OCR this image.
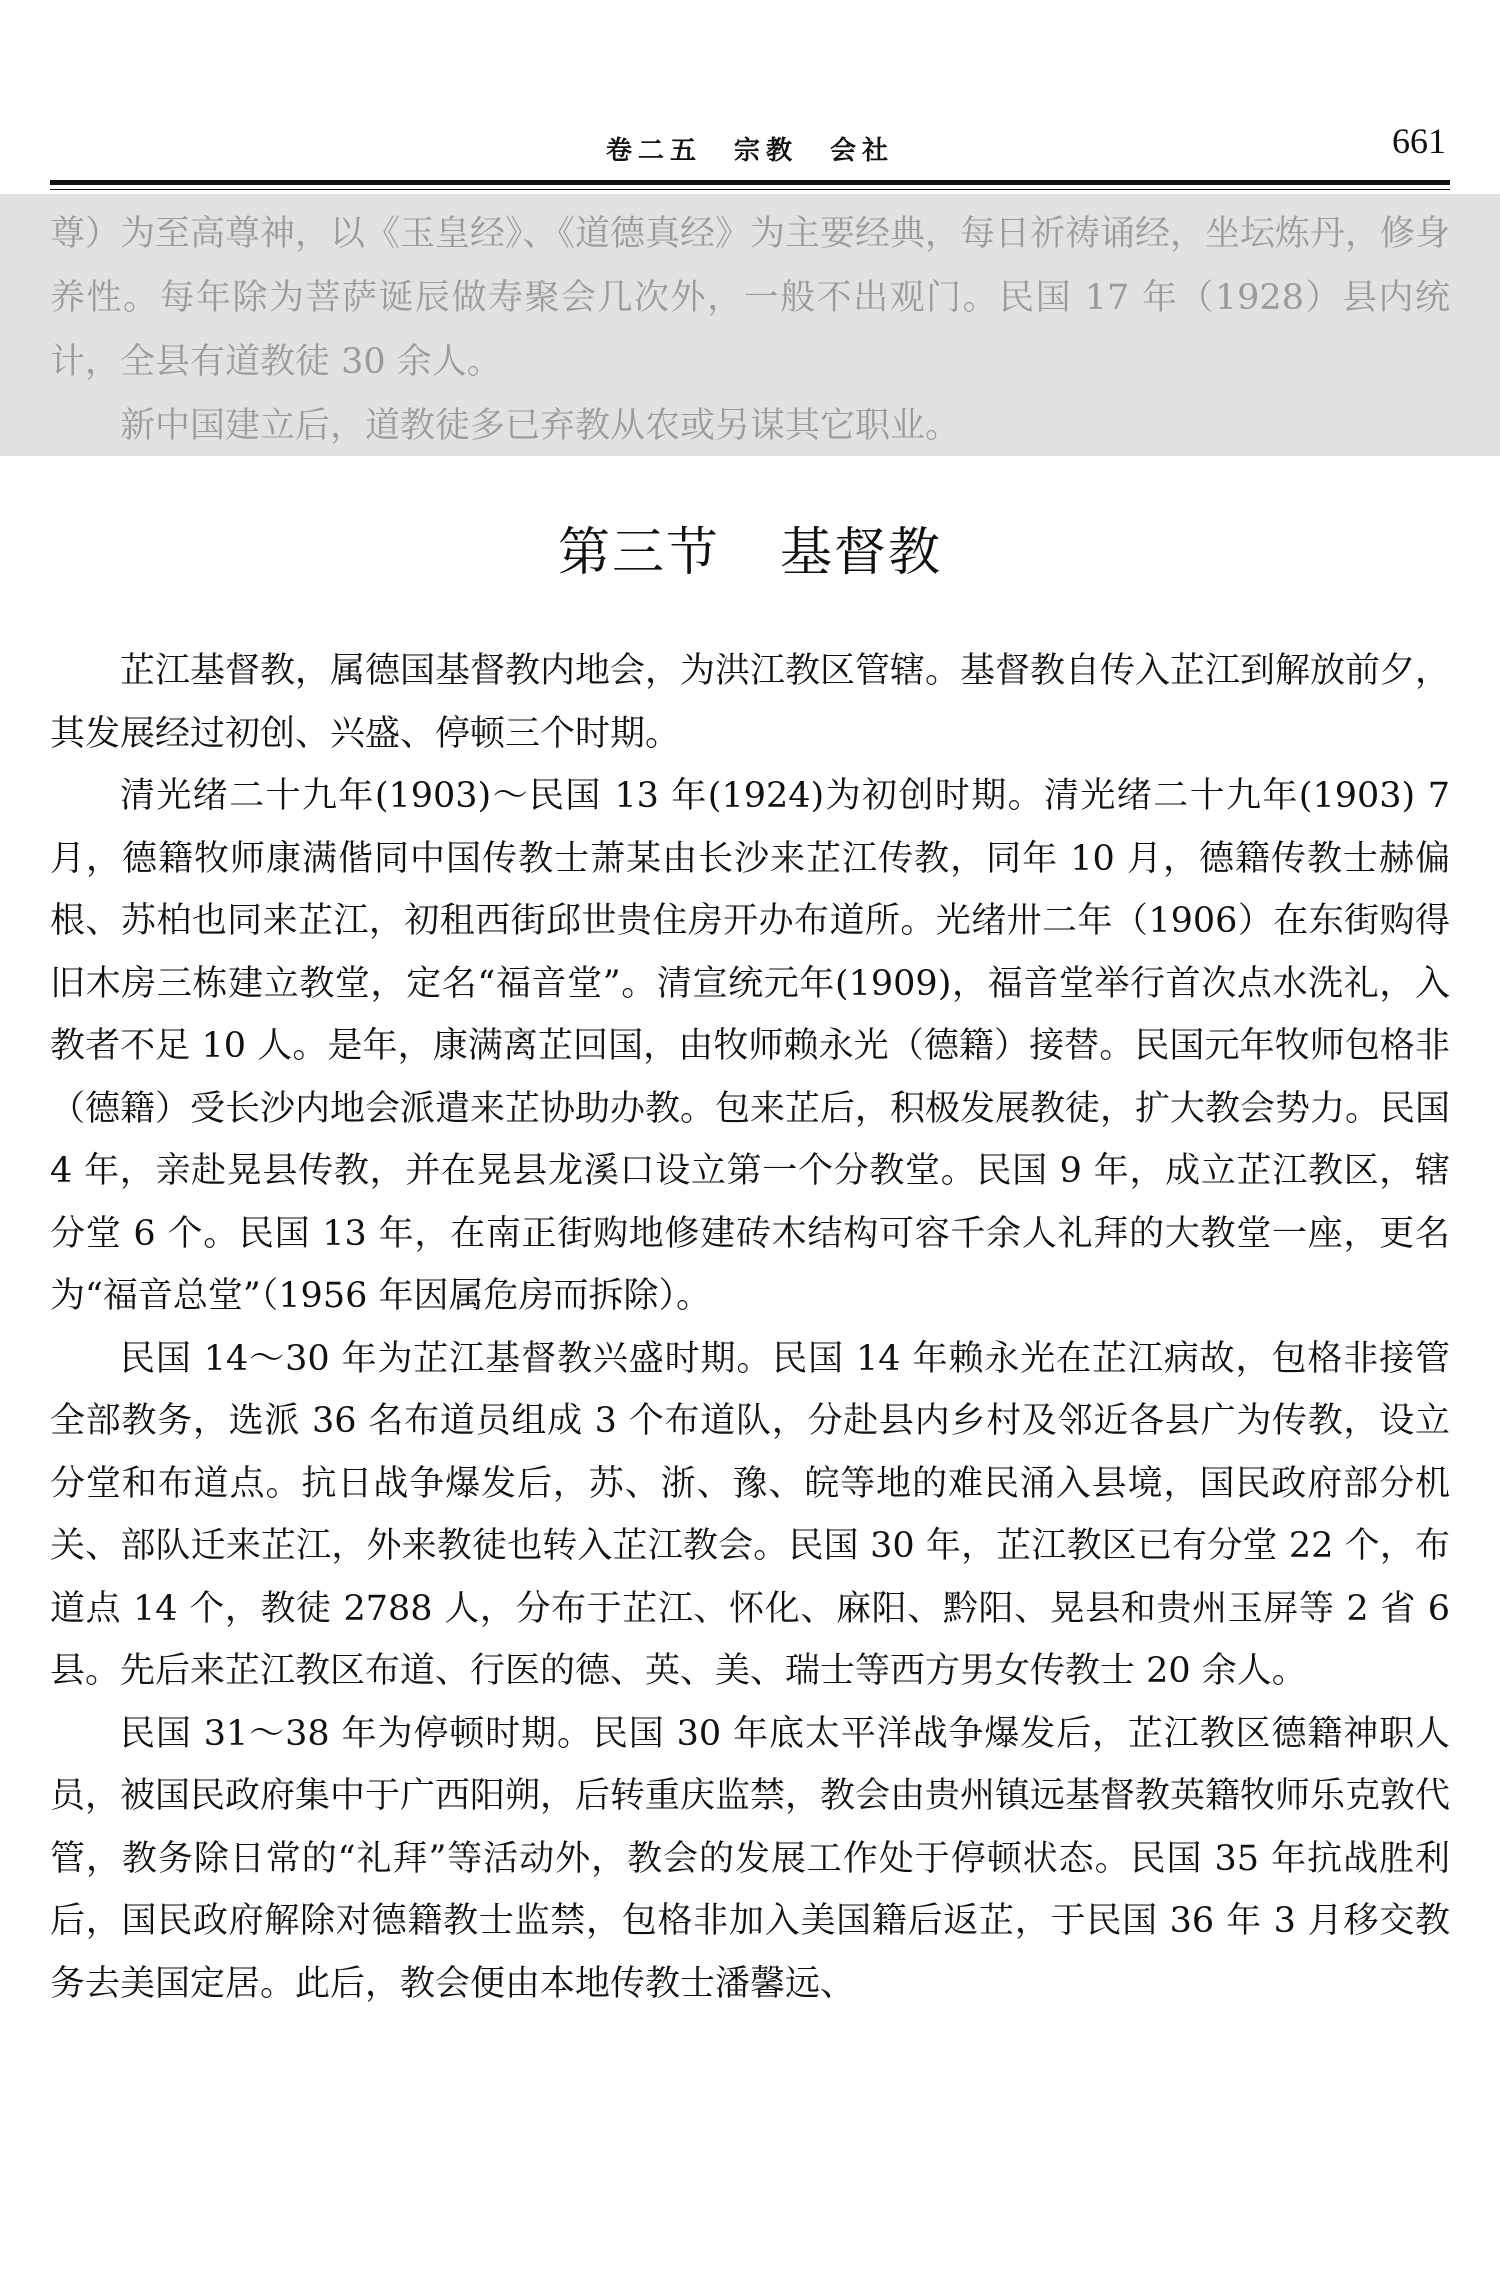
卷二五　宗教　会社	661

尊）为至高尊神，以《玉皇经》、《道德真经》为主要经典，每日祈祷诵经，坐坛炼丹，修身养性。每年除为菩萨诞辰做寿聚会几次外，一般不出观门。民国 17 年（1928）县内统计，全县有道教徒 30 余人。

新中国建立后，道教徒多已弃教从农或另谋其它职业。

第三节 基督教

芷江基督教，属德国基督教内地会，为洪江教区管辖。基督教自传入芷江到解放前夕，其发展经过初创、兴盛、停顿三个时期。

清光绪二十九年(1903)～民国 13 年(1924)为初创时期。清光绪二十九年(1903) 7 月，德籍牧师康满偕同中国传教士萧某由长沙来芷江传教，同年 10 月，德籍传教士赫偏根、苏柏也同来芷江，初租西街邱世贵住房开办布道所。光绪卅二年（1906）在东街购得旧木房三栋建立教堂，定名“福音堂”。清宣统元年(1909)，福音堂举行首次点水洗礼，入教者不足 10 人。是年，康满离芷回国，由牧师赖永光（德籍）接替。民国元年牧师包格非（德籍）受长沙内地会派遣来芷协助办教。包来芷后，积极发展教徒，扩大教会势力。民国 4 年，亲赴晃县传教，并在晃县龙溪口设立第一个分教堂。民国 9 年，成立芷江教区，辖分堂 6 个。民国 13 年，在南正街购地修建砖木结构可容千余人礼拜的大教堂一座，更名为“福音总堂”（1956 年因属危房而拆除）。

民国 14～30 年为芷江基督教兴盛时期。民国 14 年赖永光在芷江病故，包格非接管全部教务，选派 36 名布道员组成 3 个布道队，分赴县内乡村及邻近各县广为传教，设立分堂和布道点。抗日战争爆发后，苏、浙、豫、皖等地的难民涌入县境，国民政府部分机关、部队迁来芷江，外来教徒也转入芷江教会。民国 30 年，芷江教区已有分堂 22 个，布道点 14 个，教徒 2788 人，分布于芷江、怀化、麻阳、黔阳、晃县和贵州玉屏等 2 省 6 县。先后来芷江教区布道、行医的德、英、美、瑞士等西方男女传教士 20 余人。

民国 31～38 年为停顿时期。民国 30 年底太平洋战争爆发后，芷江教区德籍神职人员，被国民政府集中于广西阳朔，后转重庆监禁，教会由贵州镇远基督教英籍牧师乐克敦代管，教务除日常的“礼拜”等活动外，教会的发展工作处于停顿状态。民国 35 年抗战胜利后，国民政府解除对德籍教士监禁，包格非加入美国籍后返芷，于民国 36 年 3 月移交教务去美国定居。此后，教会便由本地传教士潘馨远、
